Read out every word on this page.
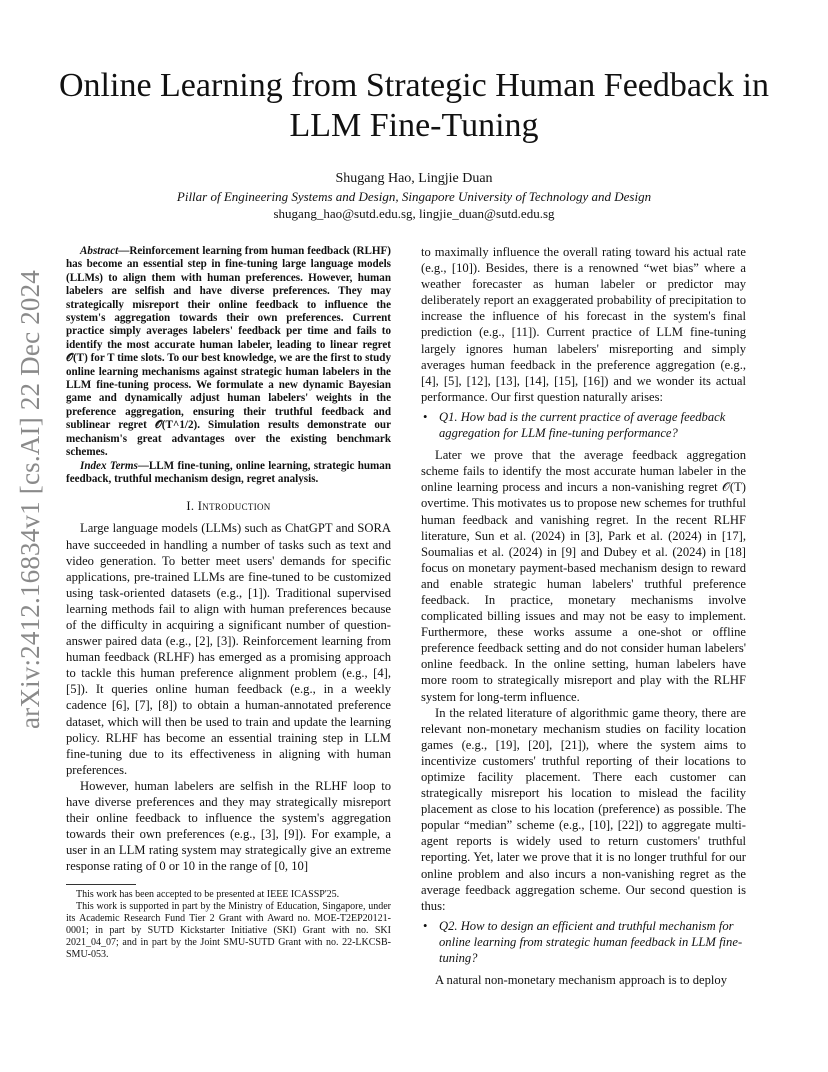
arXiv:2412.16834v1 [cs.AI] 22 Dec 2024
Online Learning from Strategic Human Feedback in LLM Fine-Tuning
Shugang Hao, Lingjie Duan
Pillar of Engineering Systems and Design, Singapore University of Technology and Design
shugang_hao@sutd.edu.sg, lingjie_duan@sutd.edu.sg

Abstract—Reinforcement learning from human feedback (RLHF) has become an essential step in fine-tuning large language models (LLMs) to align them with human preferences. However, human labelers are selfish and have diverse preferences. They may strategically misreport their online feedback to influence the system's aggregation towards their own preferences. Current practice simply averages labelers' feedback per time and fails to identify the most accurate human labeler, leading to linear regret 𝒪(T) for T time slots. To our best knowledge, we are the first to study online learning mechanisms against strategic human labelers in the LLM fine-tuning process. We formulate a new dynamic Bayesian game and dynamically adjust human labelers' weights in the preference aggregation, ensuring their truthful feedback and sublinear regret 𝒪(T^1/2). Simulation results demonstrate our mechanism's great advantages over the existing benchmark schemes.

Index Terms—LLM fine-tuning, online learning, strategic human feedback, truthful mechanism design, regret analysis.

I. Introduction

Large language models (LLMs) such as ChatGPT and SORA have succeeded in handling a number of tasks such as text and video generation. To better meet users' demands for specific applications, pre-trained LLMs are fine-tuned to be customized using task-oriented datasets (e.g., [1]). Traditional supervised learning methods fail to align with human preferences because of the difficulty in acquiring a significant number of question-answer paired data (e.g., [2], [3]). Reinforcement learning from human feedback (RLHF) has emerged as a promising approach to tackle this human preference alignment problem (e.g., [4], [5]). It queries online human feedback (e.g., in a weekly cadence [6], [7], [8]) to obtain a human-annotated preference dataset, which will then be used to train and update the learning policy. RLHF has become an essential training step in LLM fine-tuning due to its effectiveness in aligning with human preferences.

However, human labelers are selfish in the RLHF loop to have diverse preferences and they may strategically misreport their online feedback to influence the system's aggregation towards their own preferences (e.g., [3], [9]). For example, a user in an LLM rating system may strategically give an extreme response rating of 0 or 10 in the range of [0, 10]

This work has been accepted to be presented at IEEE ICASSP'25.

This work is supported in part by the Ministry of Education, Singapore, under its Academic Research Fund Tier 2 Grant with Award no. MOE-T2EP20121-0001; in part by SUTD Kickstarter Initiative (SKI) Grant with no. SKI 2021_04_07; and in part by the Joint SMU-SUTD Grant with no. 22-LKCSB-SMU-053.

to maximally influence the overall rating toward his actual rate (e.g., [10]). Besides, there is a renowned “wet bias” where a weather forecaster as human labeler or predictor may deliberately report an exaggerated probability of precipitation to increase the influence of his forecast in the system's final prediction (e.g., [11]). Current practice of LLM fine-tuning largely ignores human labelers' misreporting and simply averages human feedback in the preference aggregation (e.g., [4], [5], [12], [13], [14], [15], [16]) and we wonder its actual performance. Our first question naturally arises:

• Q1. How bad is the current practice of average feedback aggregation for LLM fine-tuning performance?

Later we prove that the average feedback aggregation scheme fails to identify the most accurate human labeler in the online learning process and incurs a non-vanishing regret 𝒪(T) overtime. This motivates us to propose new schemes for truthful human feedback and vanishing regret. In the recent RLHF literature, Sun et al. (2024) in [3], Park et al. (2024) in [17], Soumalias et al. (2024) in [9] and Dubey et al. (2024) in [18] focus on monetary payment-based mechanism design to reward and enable strategic human labelers' truthful preference feedback. In practice, monetary mechanisms involve complicated billing issues and may not be easy to implement. Furthermore, these works assume a one-shot or offline preference feedback setting and do not consider human labelers' online feedback. In the online setting, human labelers have more room to strategically misreport and play with the RLHF system for long-term influence.

In the related literature of algorithmic game theory, there are relevant non-monetary mechanism studies on facility location games (e.g., [19], [20], [21]), where the system aims to incentivize customers' truthful reporting of their locations to optimize facility placement. There each customer can strategically misreport his location to mislead the facility placement as close to his location (preference) as possible. The popular “median” scheme (e.g., [10], [22]) to aggregate multi-agent reports is widely used to return customers' truthful reporting. Yet, later we prove that it is no longer truthful for our online problem and also incurs a non-vanishing regret as the average feedback aggregation scheme. Our second question is thus:

• Q2. How to design an efficient and truthful mechanism for online learning from strategic human feedback in LLM fine-tuning?

A natural non-monetary mechanism approach is to deploy
